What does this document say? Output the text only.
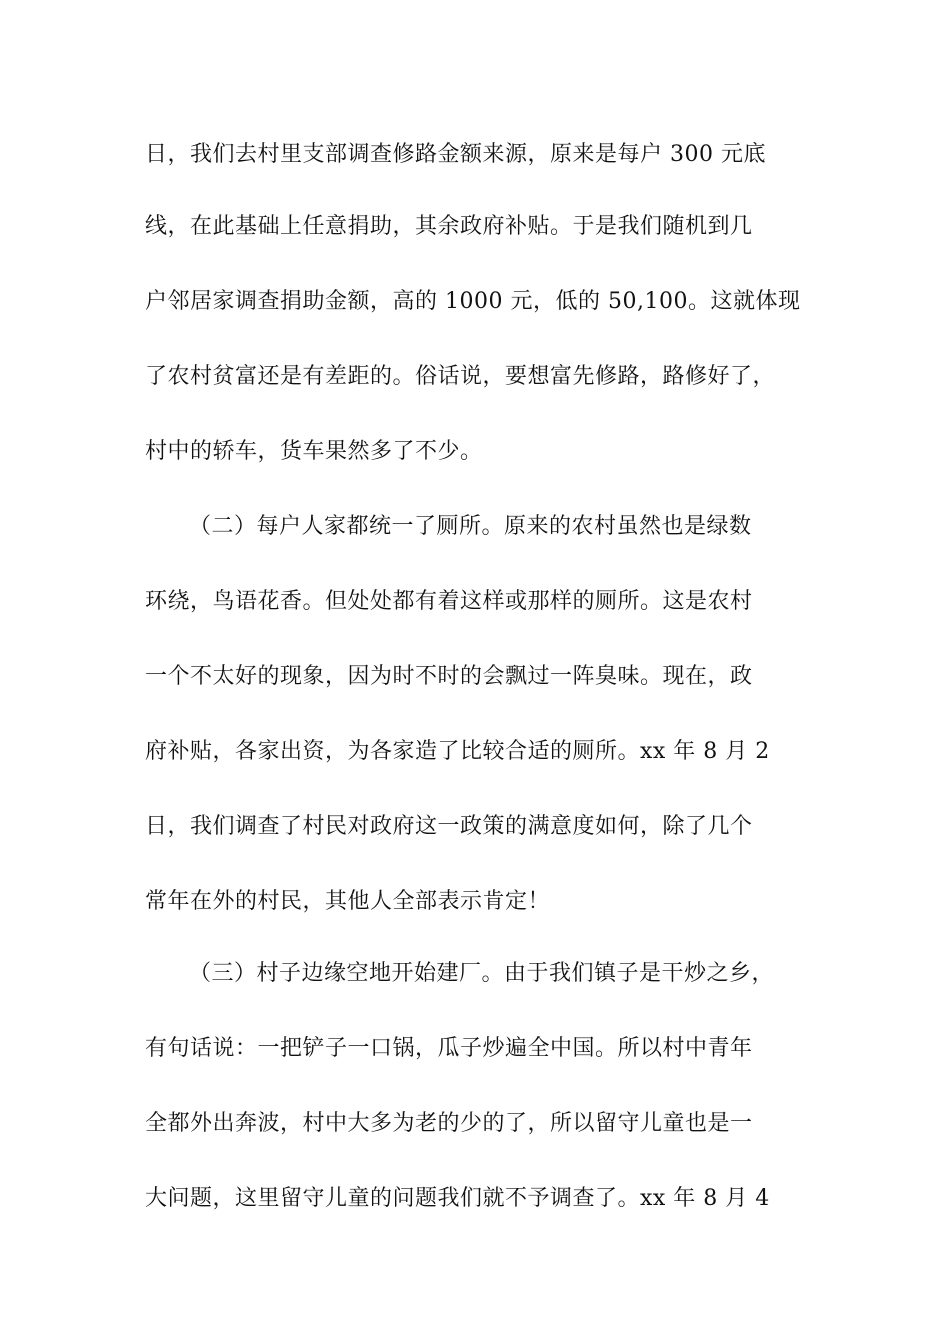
日，我们去村里支部调查修路金额来源，原来是每户 300 元底
线，在此基础上任意捐助，其余政府补贴。于是我们随机到几
户邻居家调查捐助金额，高的 1000 元，低的 50,100。这就体现
了农村贫富还是有差距的。俗话说，要想富先修路，路修好了，
村中的轿车，货车果然多了不少。
（二）每户人家都统一了厕所。原来的农村虽然也是绿数
环绕，鸟语花香。但处处都有着这样或那样的厕所。这是农村
一个不太好的现象，因为时不时的会飘过一阵臭味。现在，政
府补贴，各家出资，为各家造了比较合适的厕所。xx 年 8 月 2
日，我们调查了村民对政府这一政策的满意度如何，除了几个
常年在外的村民，其他人全部表示肯定！
（三）村子边缘空地开始建厂。由于我们镇子是干炒之乡，
有句话说：一把铲子一口锅，瓜子炒遍全中国。所以村中青年
全都外出奔波，村中大多为老的少的了，所以留守儿童也是一
大问题，这里留守儿童的问题我们就不予调查了。xx 年 8 月 4
